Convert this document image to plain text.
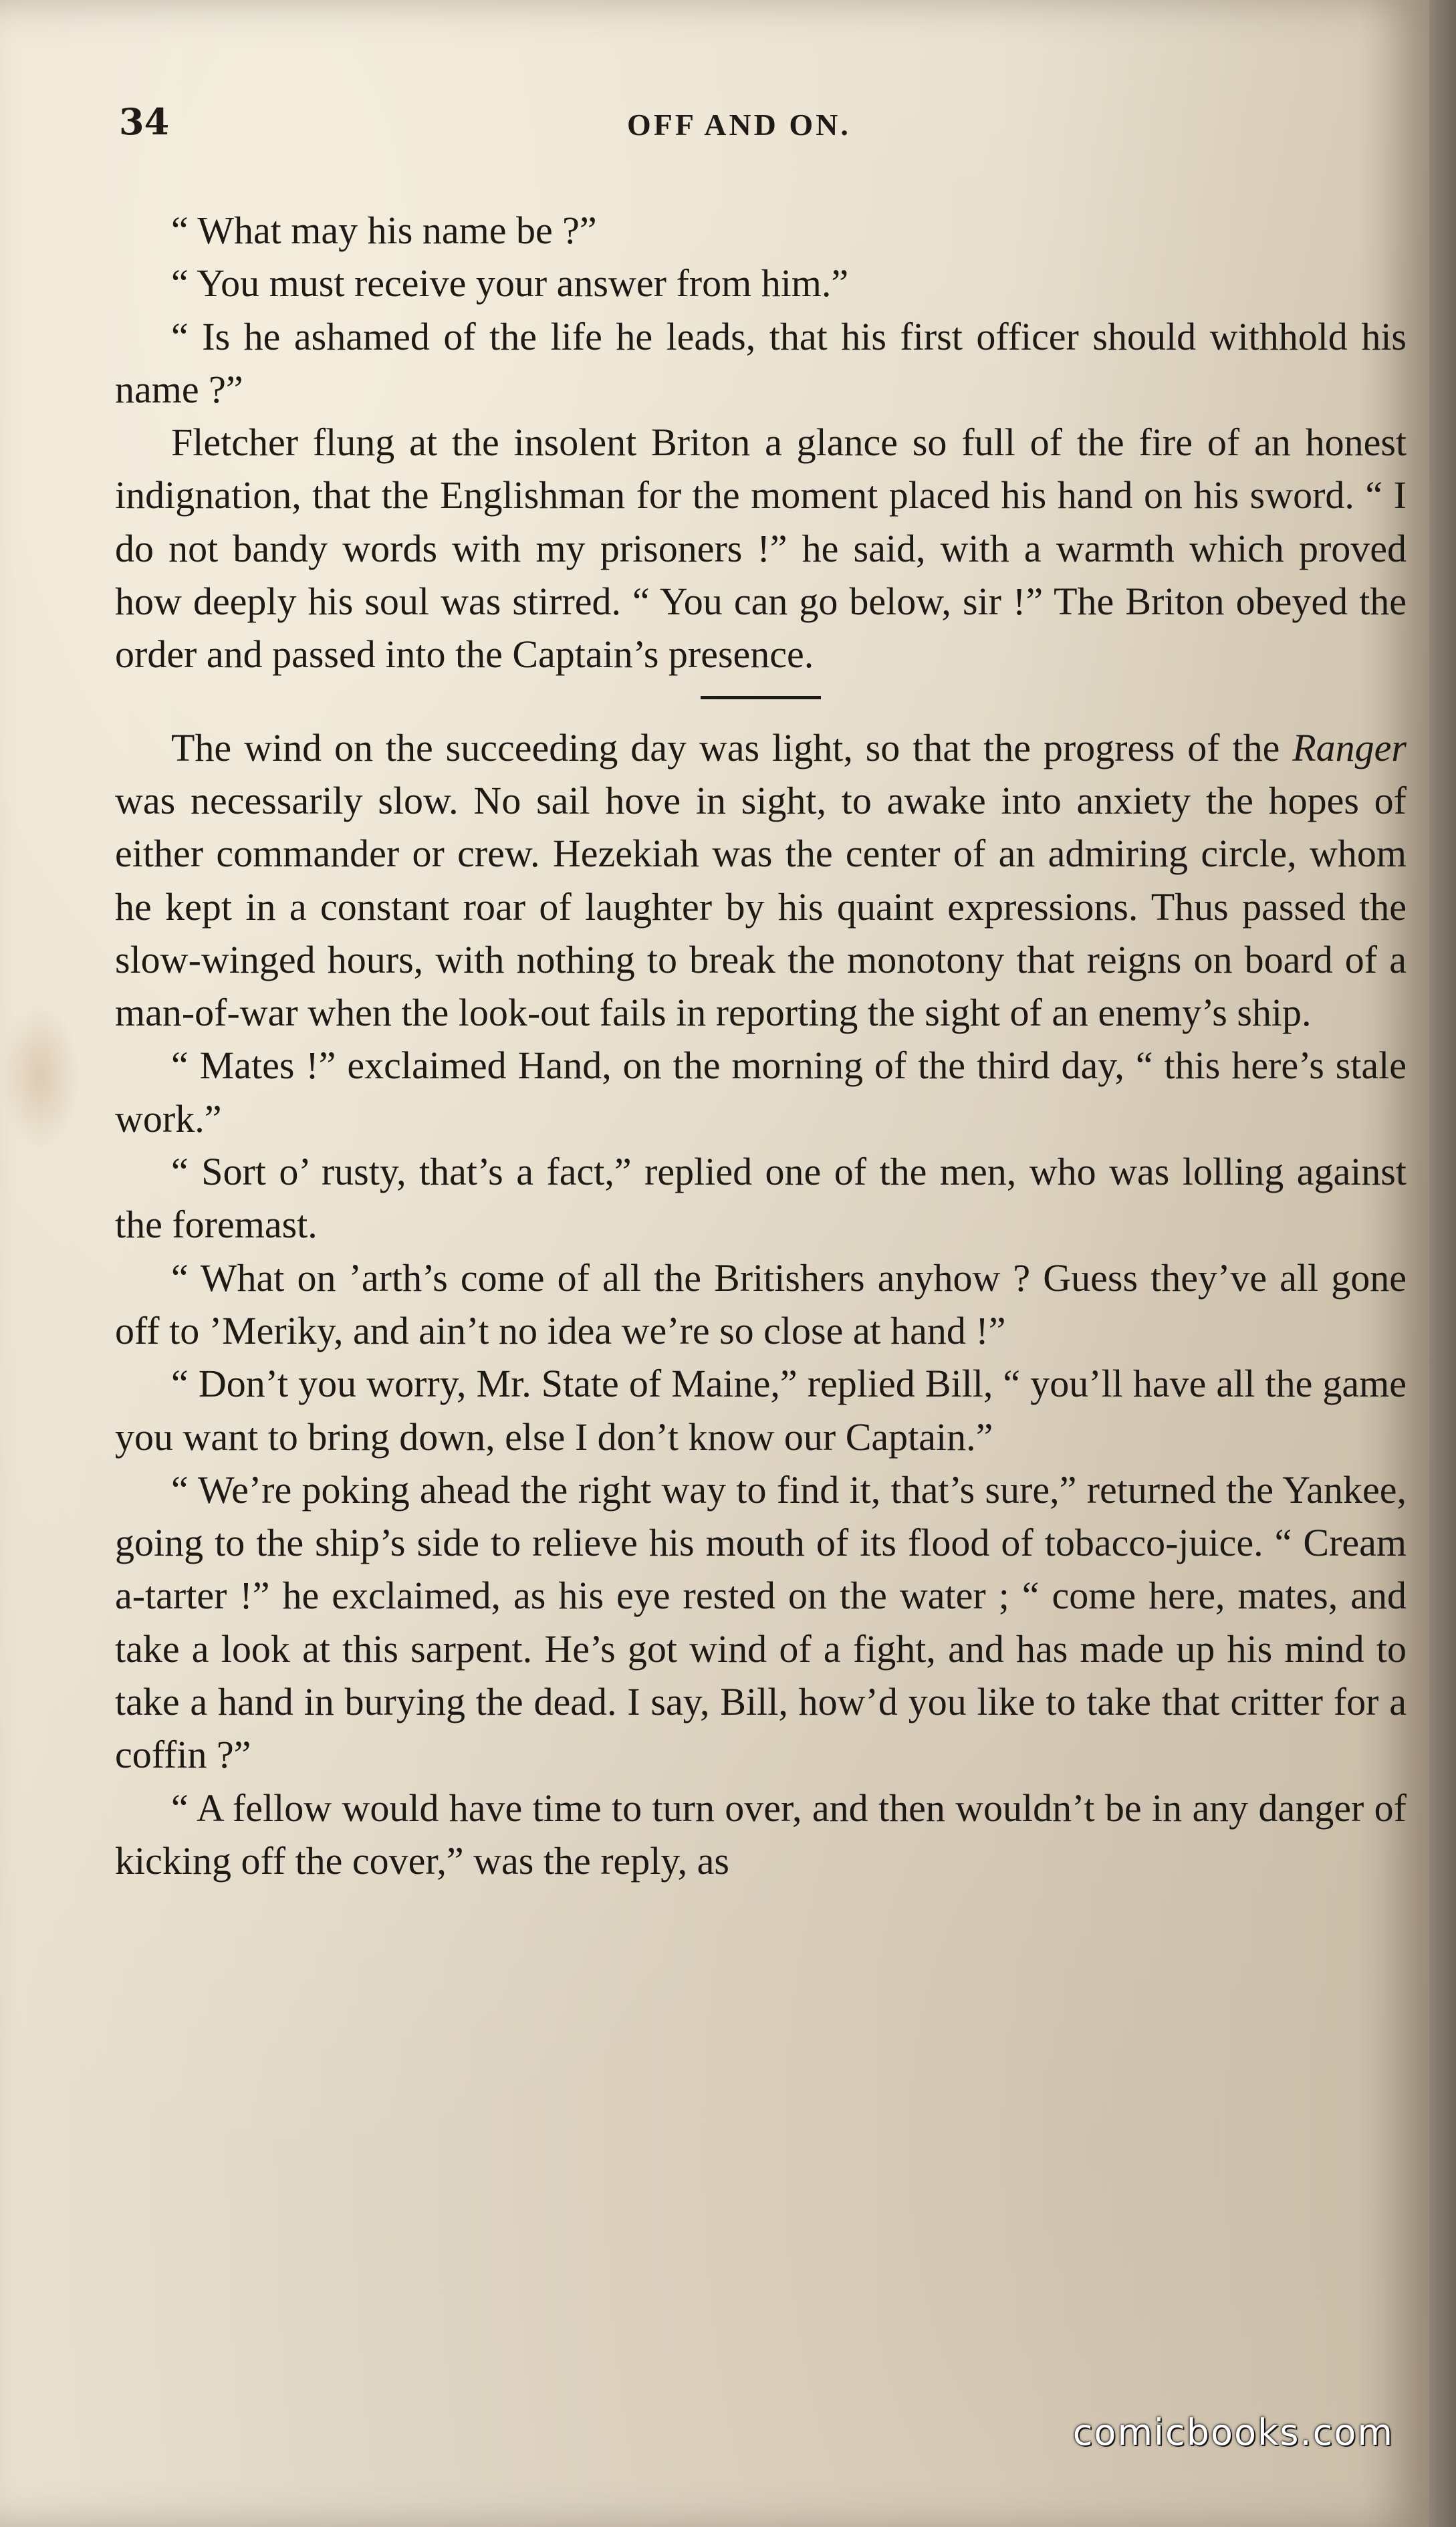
34	OFF AND ON.

“ What may his name be ?”

“ You must receive your answer from him.”

“ Is he ashamed of the life he leads, that his first officer should withhold his name ?”

Fletcher flung at the insolent Briton a glance so full of the fire of an honest indignation, that the Englishman for the moment placed his hand on his sword. “ I do not bandy words with my prisoners !” he said, with a warmth which proved how deeply his soul was stirred. “ You can go below, sir !” The Briton obeyed the order and passed into the Captain’s presence.

The wind on the succeeding day was light, so that the progress of the Ranger was necessarily slow. No sail hove in sight, to awake into anxiety the hopes of either commander or crew. Hezekiah was the center of an admiring circle, whom he kept in a constant roar of laughter by his quaint expressions. Thus passed the slow-winged hours, with nothing to break the monotony that reigns on board of a man-of-war when the look-out fails in reporting the sight of an enemy’s ship.

“ Mates !” exclaimed Hand, on the morning of the third day, “ this here’s stale work.”

“ Sort o’ rusty, that’s a fact,” replied one of the men, who was lolling against the foremast.

“ What on ’arth’s come of all the Britishers anyhow ? Guess they’ve all gone off to ’Meriky, and ain’t no idea we’re so close at hand !”

“ Don’t you worry, Mr. State of Maine,” replied Bill, “ you’ll have all the game you want to bring down, else I don’t know our Captain.”

“ We’re poking ahead the right way to find it, that’s sure,” returned the Yankee, going to the ship’s side to relieve his mouth of its flood of tobacco-juice. “ Cream a-tarter !” he exclaimed, as his eye rested on the water ; “ come here, mates, and take a look at this sarpent. He’s got wind of a fight, and has made up his mind to take a hand in burying the dead. I say, Bill, how’d you like to take that critter for a coffin ?”

“ A fellow would have time to turn over, and then wouldn’t be in any danger of kicking off the cover,” was the reply, as

comicbooks.com
